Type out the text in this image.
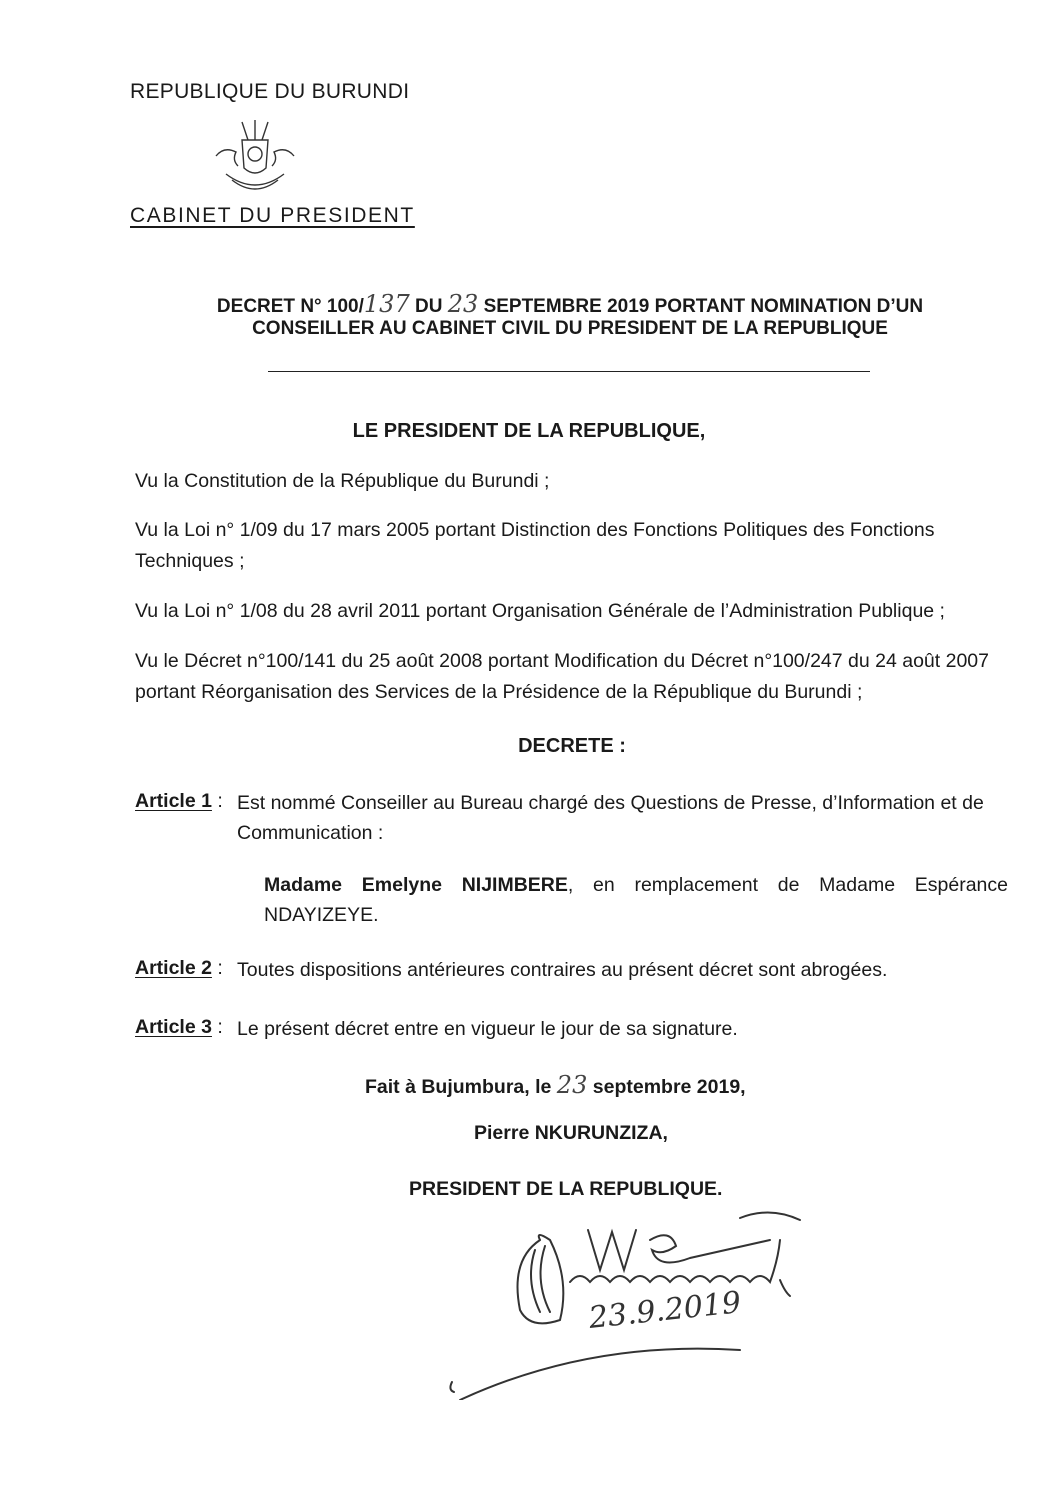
REPUBLIQUE DU BURUNDI
CABINET DU PRESIDENT
DECRET N° 100/137 DU 23 SEPTEMBRE 2019 PORTANT NOMINATION D’UN
CONSEILLER AU CABINET CIVIL DU PRESIDENT DE LA REPUBLIQUE
LE PRESIDENT DE LA REPUBLIQUE,
Vu la Constitution de la République du Burundi ;
Vu la Loi n° 1/09 du 17 mars 2005 portant Distinction des Fonctions Politiques des Fonctions Techniques ;
Vu la Loi n° 1/08 du 28 avril 2011 portant Organisation Générale de l’Administration Publique ;
Vu le Décret n°100/141 du 25 août 2008 portant Modification du Décret n°100/247 du 24 août 2007 portant Réorganisation des Services de la Présidence de la République du Burundi ;
DECRETE :
Article 1 : Est nommé Conseiller au Bureau chargé des Questions de Presse, d’Information et de Communication :
Madame Emelyne NIJIMBERE, en remplacement de Madame Espérance NDAYIZEYE.
Article 2 : Toutes dispositions antérieures contraires au présent décret sont abrogées.
Article 3 : Le présent décret entre en vigueur le jour de sa signature.
Fait à Bujumbura, le 23 septembre 2019,
Pierre NKURUNZIZA,
PRESIDENT DE LA REPUBLIQUE.
23.9.2019
